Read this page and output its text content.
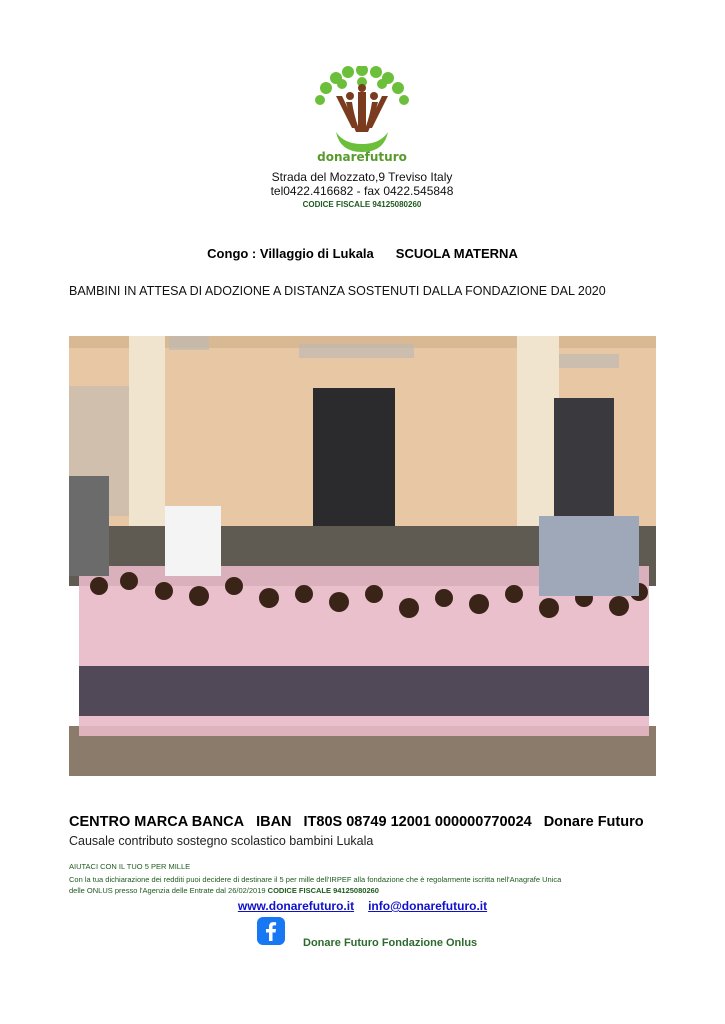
donarefuturo
Strada del Mozzato,9 Treviso Italy
tel0422.416682 - fax 0422.545848
CODICE FISCALE 94125080260
Congo : Villaggio di Lukala SCUOLA MATERNA
BAMBINI IN ATTESA DI ADOZIONE A DISTANZA SOSTENUTI DALLA FONDAZIONE DAL 2020
CENTRO MARCA BANCA IBAN IT80S 08749 12001 000000770024 Donare Futuro
Causale contributo sostegno scolastico bambini Lukala
AIUTACI CON IL TUO 5 PER MILLE
Con la tua dichiarazione dei redditi puoi decidere di destinare il 5 per mille dell'IRPEF alla fondazione che è regolarmente iscritta nell'Anagrafe Unica
delle ONLUS presso l'Agenzia delle Entrate dal 26/02/2019 CODICE FISCALE 94125080260
www.donarefuturo.it info@donarefuturo.it
Donare Futuro Fondazione Onlus
